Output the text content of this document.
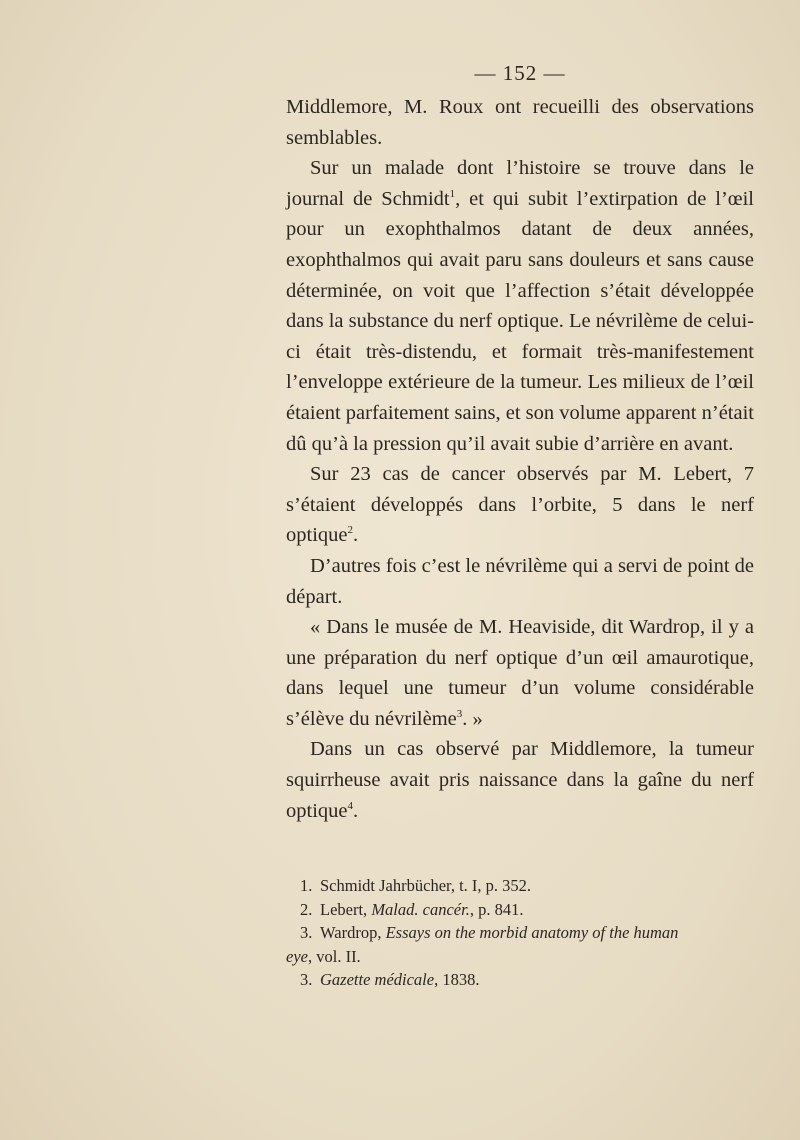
— 152 —

Middlemore, M. Roux ont recueilli des observations semblables.

Sur un malade dont l’histoire se trouve dans le journal de Schmidt$^1$, et qui subit l’extirpation de l’œil pour un exophthalmos datant de deux années, exophthalmos qui avait paru sans douleurs et sans cause déterminée, on voit que l’affection s’était développée dans la substance du nerf optique. Le névrilème de celui-ci était très-distendu, et formait très-manifestement l’enveloppe extérieure de la tumeur. Les milieux de l’œil étaient parfaitement sains, et son volume apparent n’était dû qu’à la pression qu’il avait subie d’arrière en avant.

Sur 23 cas de cancer observés par M. Lebert, 7 s’étaient développés dans l’orbite, 5 dans le nerf optique$^2$.

D’autres fois c’est le névrilème qui a servi de point de départ.

« Dans le musée de M. Heaviside, dit Wardrop, il y a une préparation du nerf optique d’un œil amaurotique, dans lequel une tumeur d’un volume considérable s’élève du névrilème$^3$. »

Dans un cas observé par Middlemore, la tumeur squirrheuse avait pris naissance dans la gaîne du nerf optique$^4$.

1. Schmidt Jahrbücher, t. I, p. 352.
2. Lebert, Malad. cancér., p. 841.
3. Wardrop, Essays on the morbid anatomy of the human
eye, vol. II.
3. Gazette médicale, 1838.
